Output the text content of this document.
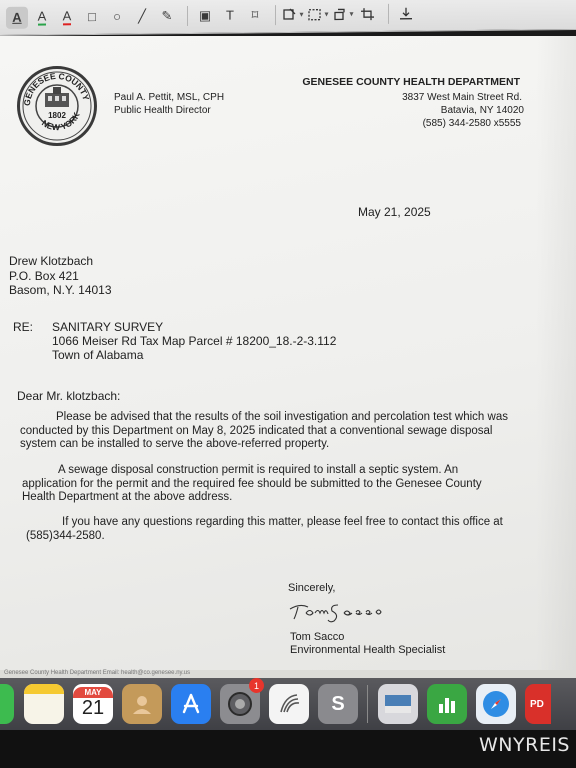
A A A □ ○ ╱ ✎ ▣ T ⌑	▾	▾	▾
GENESEE COUNTY
NEW YORK
1802
Paul A. Pettit, MSL, CPH
Public Health Director
GENESEE COUNTY HEALTH DEPARTMENT
3837 West Main Street Rd.
Batavia, NY 14020
(585) 344-2580 x5555
May 21, 2025
Drew Klotzbach
P.O. Box 421
Basom, N.Y. 14013
RE: SANITARY SURVEY
1066 Meiser Rd Tax Map Parcel # 18200_18.-2-3.112
Town of Alabama
Dear Mr. klotzbach:
Please be advised that the results of the soil investigation and percolation test which was conducted by this Department on May 8, 2025 indicated that a conventional sewage disposal system can be installed to serve the above-referred property.
A sewage disposal construction permit is required to install a septic system. An application for the permit and the required fee should be submitted to the Genesee County Health Department at the above address.
If you have any questions regarding this matter, please feel free to contact this office at (585)344-2580.
Sincerely,
Tom Sacco
Environmental Health Specialist
Genesee County Health Department Email: health@co.genesee.ny.us
MAY
21
1
S	PD
WNYREIS
